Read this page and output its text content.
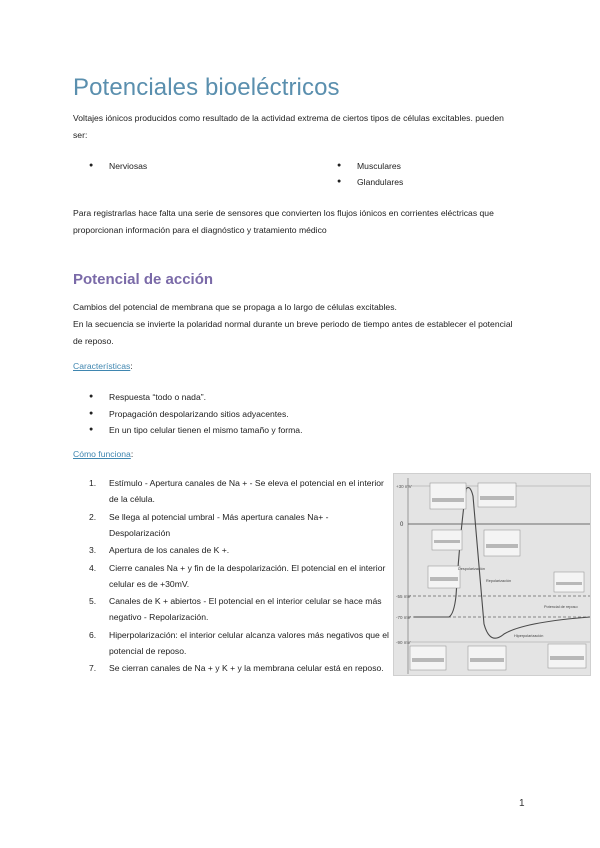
Potenciales bioeléctricos

Voltajes iónicos producidos como resultado de la actividad extrema de ciertos tipos de células excitables. pueden ser:

● Nerviosas
●	Musculares
● Glandulares

Para registrarlas hace falta una serie de sensores que convierten los flujos iónicos en corrientes eléctricas que proporcionan información para el diagnóstico y tratamiento médico

Potencial de acción
Cambios del potencial de membrana que se propaga a lo largo de células excitables.
En la secuencia se invierte la polaridad normal durante un breve periodo de tiempo antes de establecer el potencial de reposo.
Características:
● Respuesta “todo o nada”.
● Propagación despolarizando sitios adyacentes.
● En un tipo celular tienen el mismo tamaño y forma.
Cómo funciona:
1. Estímulo - Apertura canales de Na + - Se eleva el potencial en el interior de la célula.
2. Se llega al potencial umbral - Más apertura canales Na+ - Despolarización
3. Apertura de los canales de K +.
4. Cierre canales Na + y fin de la despolarización. El potencial en el interior celular es de +30mV.
5. Canales de K + abiertos - El potencial en el interior celular se hace más negativo - Repolarización.
6. Hiperpolarización: el interior celular alcanza valores más negativos que el potencial de reposo.
7. Se cierran canales de Na + y K + y la membrana celular está en reposo.
+30 mV
0
-55 mV
-70 mV
-90 mV
Despolarización
Repolarización
Potencial de reposo
Hiperpolarización
1
